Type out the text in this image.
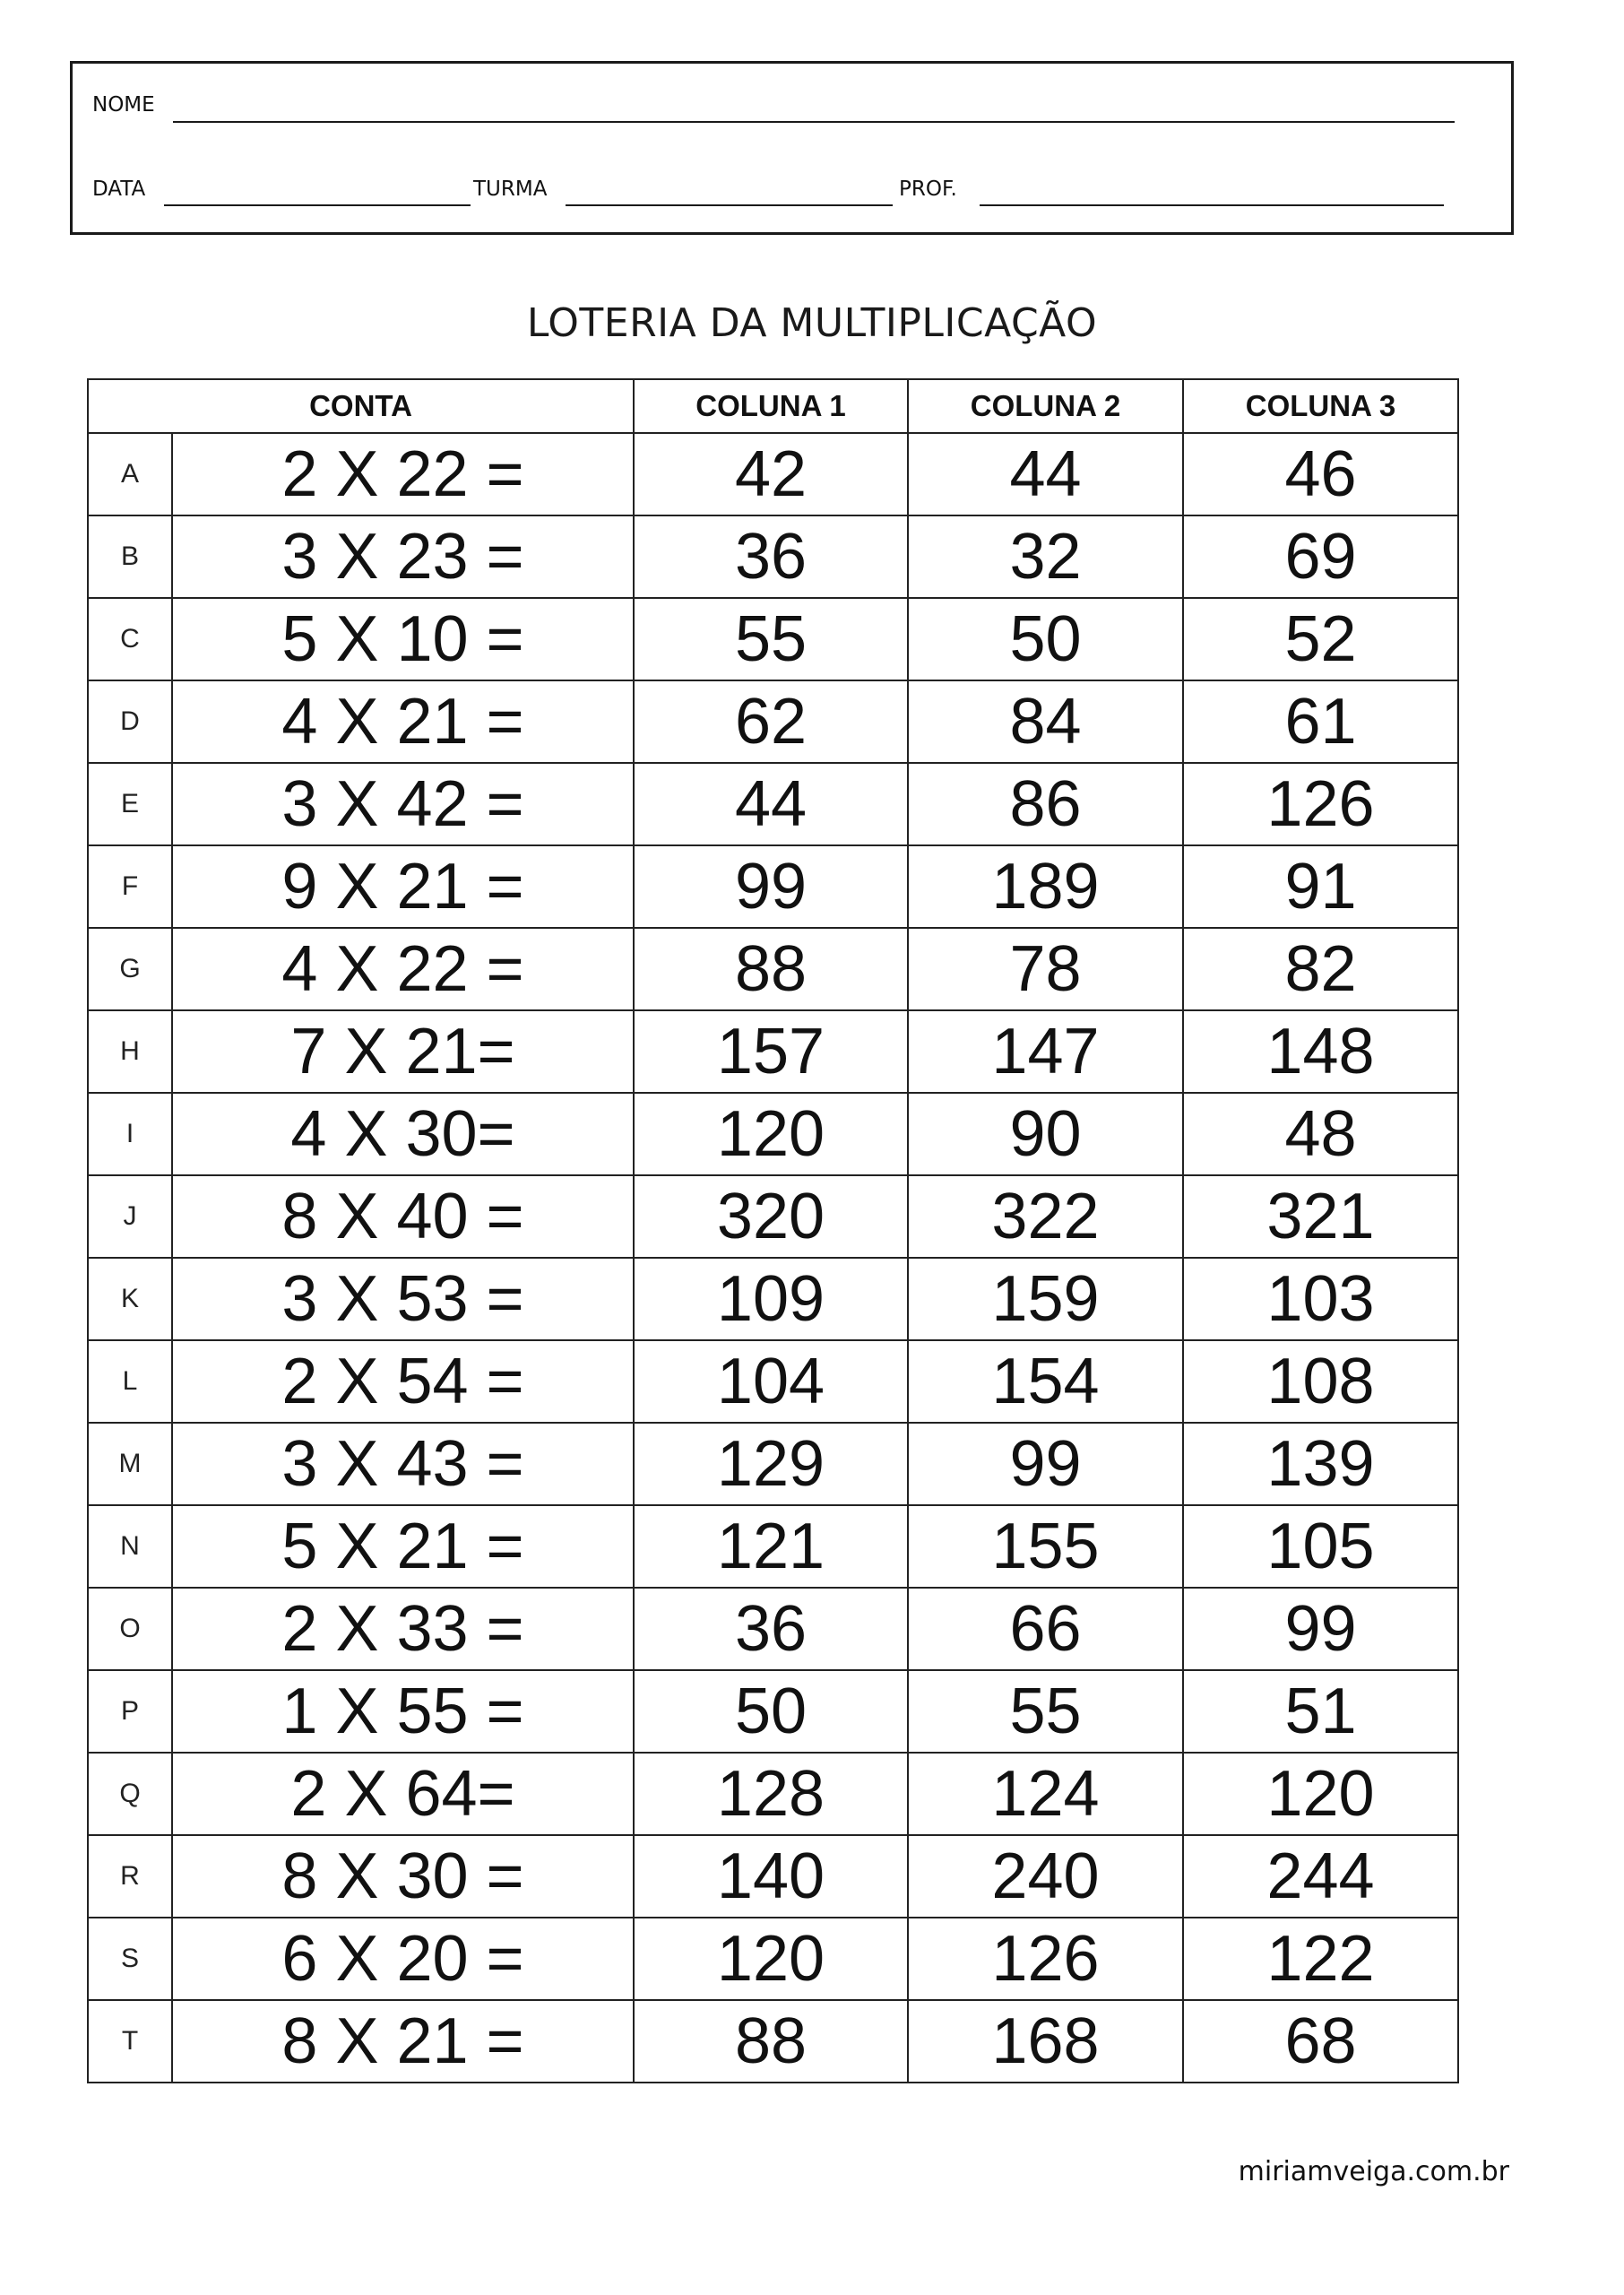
NOME
DATA	TURMA	PROF.
LOTERIA DA MULTIPLICAÇÃO
CONTA		COLUNA 1	COLUNA 2	COLUNA 3
A	2 X 22 =	42	44	46
B	3 X 23 =	36	32	69
C	5 X 10 =	55	50	52
D	4 X 21 =	62	84	61
E	3 X 42 =	44	86	126
F	9 X 21 =	99	189	91
G	4 X 22 =	88	78	82
H	7 X 21=	157	147	148
I	4 X 30=	120	90	48
J	8 X 40 =	320	322	321
K	3 X 53 =	109	159	103
L	2 X 54 =	104	154	108
M	3 X 43 =	129	99	139
N	5 X 21 =	121	155	105
O	2 X 33 =	36	66	99
P	1 X 55 =	50	55	51
Q	2 X 64=	128	124	120
R	8 X 30 =	140	240	244
S	6 X 20 =	120	126	122
T	8 X 21 =	88	168	68
miriamveiga.com.br
